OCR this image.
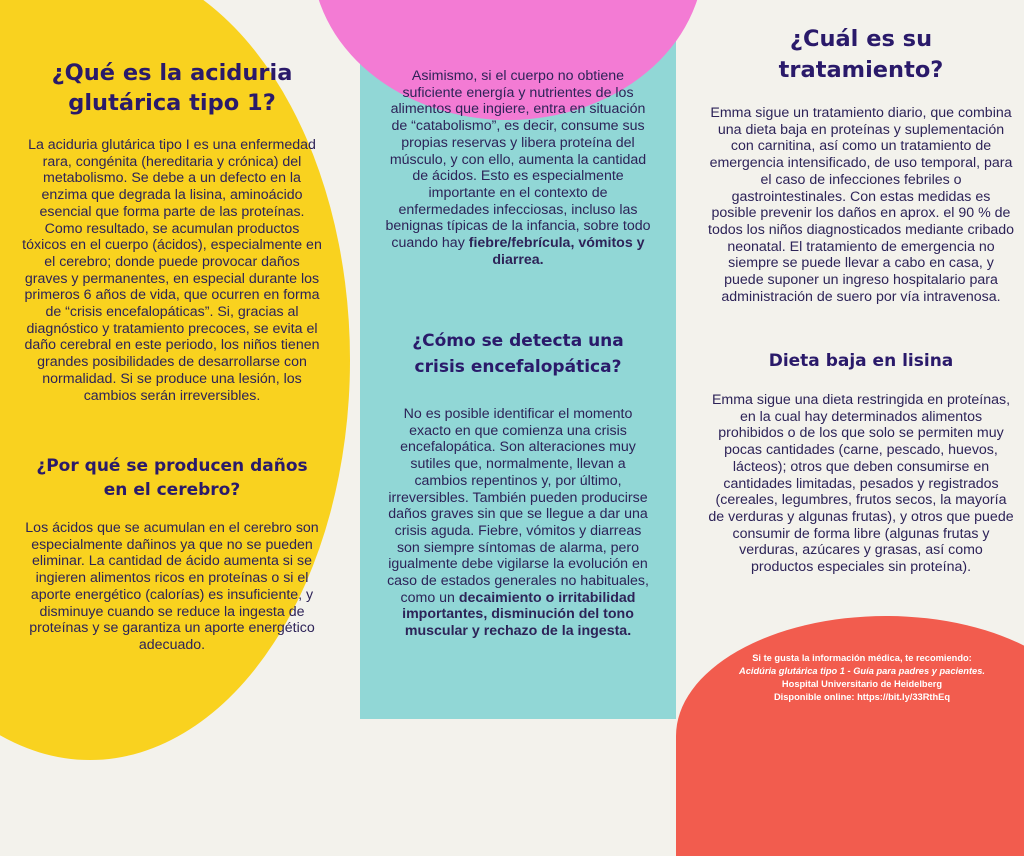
¿Qué es la aciduria
glutárica tipo 1?

La aciduria glutárica tipo I es una enfermedad rara, congénita (hereditaria y crónica) del metabolismo. Se debe a un defecto en la enzima que degrada la lisina, aminoácido esencial que forma parte de las proteínas. Como resultado, se acumulan productos tóxicos en el cuerpo (ácidos), especialmente en el cerebro; donde puede provocar daños graves y permanentes, en especial durante los primeros 6 años de vida, que ocurren en forma de “crisis encefalopáticas”. Si, gracias al diagnóstico y tratamiento precoces, se evita el daño cerebral en este periodo, los niños tienen grandes posibilidades de desarrollarse con normalidad. Si se produce una lesión, los cambios serán irreversibles.

¿Por qué se producen daños
en el cerebro?

Los ácidos que se acumulan en el cerebro son especialmente dañinos ya que no se pueden eliminar. La cantidad de ácido aumenta si se ingieren alimentos ricos en proteínas o si el aporte energético (calorías) es insuficiente, y disminuye cuando se reduce la ingesta de proteínas y se garantiza un aporte energético adecuado.

Asimismo, si el cuerpo no obtiene suficiente energía y nutrientes de los alimentos que ingiere, entra en situación de “catabolismo”, es decir, consume sus propias reservas y libera proteína del músculo, y con ello, aumenta la cantidad de ácidos. Esto es especialmente importante en el contexto de enfermedades infecciosas, incluso las benignas típicas de la infancia, sobre todo cuando hay fiebre/febrícula, vómitos y diarrea.

¿Cómo se detecta una
crisis encefalopática?

No es posible identificar el momento exacto en que comienza una crisis encefalopática. Son alteraciones muy sutiles que, normalmente, llevan a cambios repentinos y, por último, irreversibles. También pueden producirse daños graves sin que se llegue a dar una crisis aguda. Fiebre, vómitos y diarreas son siempre síntomas de alarma, pero igualmente debe vigilarse la evolución en caso de estados generales no habituales, como un decaimiento o irritabilidad importantes, disminución del tono muscular y rechazo de la ingesta.

¿Cuál es su
tratamiento?

Emma sigue un tratamiento diario, que combina una dieta baja en proteínas y suplementación con carnitina, así como un tratamiento de emergencia intensificado, de uso temporal, para el caso de infecciones febriles o gastrointestinales. Con estas medidas es posible prevenir los daños en aprox. el 90 % de todos los niños diagnosticados mediante cribado neonatal. El tratamiento de emergencia no siempre se puede llevar a cabo en casa, y puede suponer un ingreso hospitalario para administración de suero por vía intravenosa.

Dieta baja en lisina

Emma sigue una dieta restringida en proteínas, en la cual hay determinados alimentos prohibidos o de los que solo se permiten muy pocas cantidades (carne, pescado, huevos, lácteos); otros que deben consumirse en cantidades limitadas, pesados y registrados (cereales, legumbres, frutos secos, la mayoría de verduras y algunas frutas), y otros que puede consumir de forma libre (algunas frutas y verduras, azúcares y grasas, así como productos especiales sin proteína).

Si te gusta la información médica, te recomiendo:

Acidúria glutárica tipo 1 - Guía para padres y pacientes.

Hospital Universitario de Heidelberg

Disponible online: https://bit.ly/33RthEq
